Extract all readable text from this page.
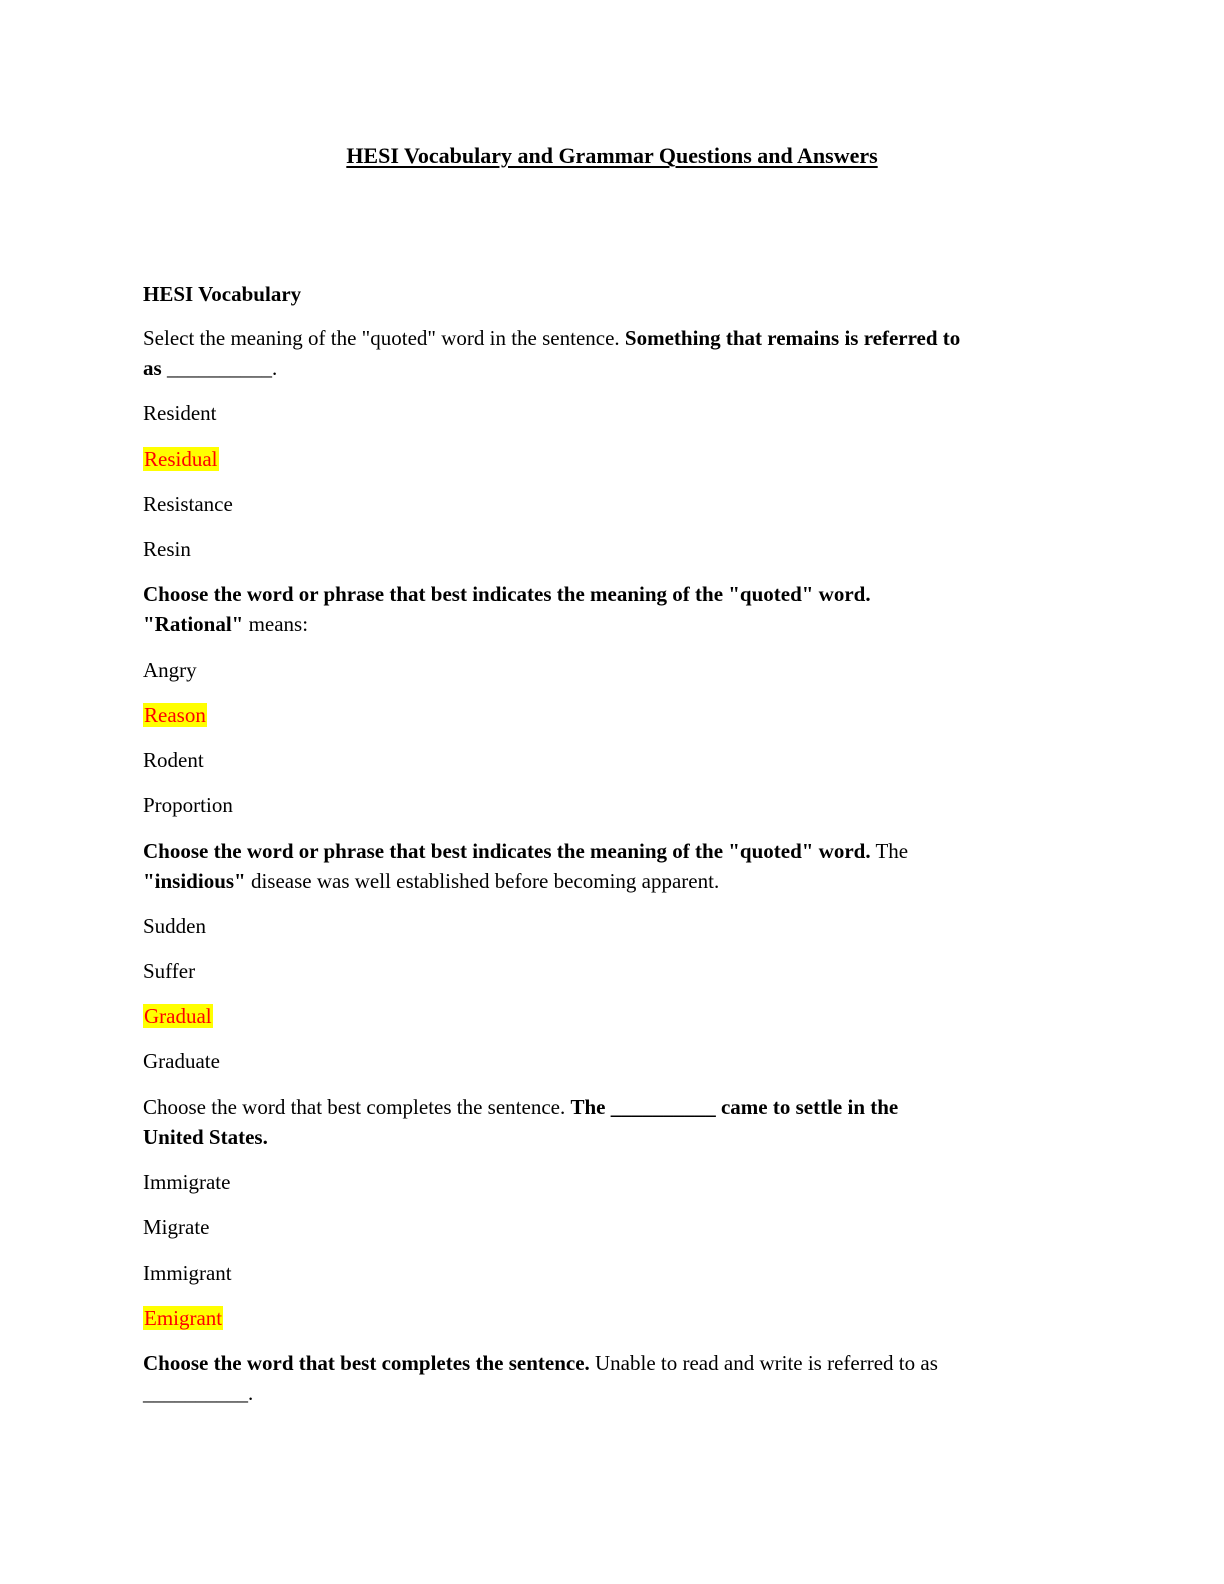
HESI Vocabulary and Grammar Questions and Answers

HESI Vocabulary

Select the meaning of the "quoted" word in the sentence. Something that remains is referred to

as __________.

Resident

Residual

Resistance

Resin

Choose the word or phrase that best indicates the meaning of the "quoted" word.

"Rational" means:

Angry

Reason

Rodent

Proportion

Choose the word or phrase that best indicates the meaning of the "quoted" word. The

"insidious" disease was well established before becoming apparent.

Sudden

Suffer

Gradual

Graduate

Choose the word that best completes the sentence. The __________ came to settle in the

United States.

Immigrate

Migrate

Immigrant

Emigrant

Choose the word that best completes the sentence. Unable to read and write is referred to as

__________.
